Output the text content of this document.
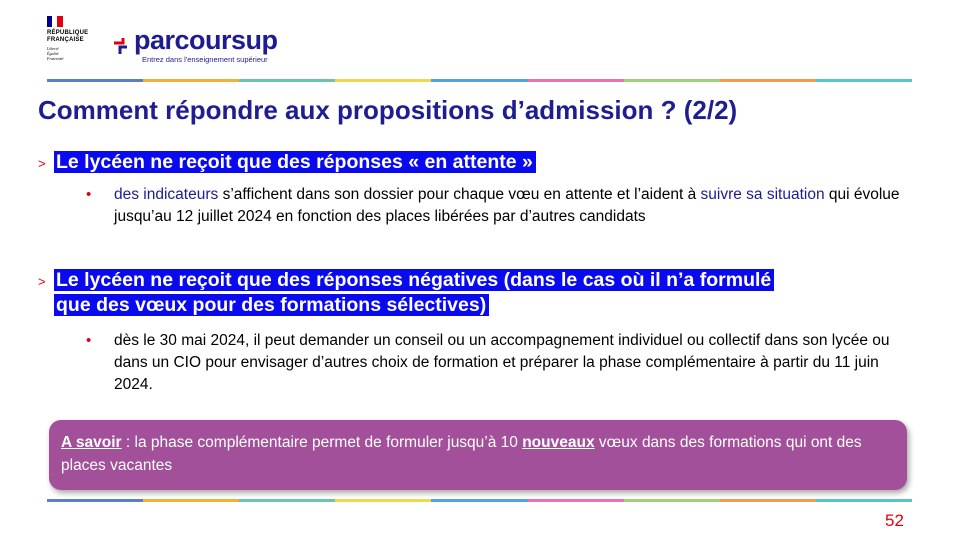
RÉPUBLIQUE
FRANÇAISE
Liberté
Égalité
Fraternité
parcoursup
Entrez dans l'enseignement supérieur
Comment répondre aux propositions d’admission ? (2/2)
> Le lycéen ne reçoit que des réponses « en attente »
• des indicateurs s’affichent dans son dossier pour chaque vœu en attente et l’aident à suivre sa situation qui évolue jusqu’au 12 juillet 2024 en fonction des places libérées par d’autres candidats
> Le lycéen ne reçoit que des réponses négatives (dans le cas où il n’a formulé
que des vœux pour des formations sélectives)
• dès le 30 mai 2024, il peut demander un conseil ou un accompagnement individuel ou collectif dans son lycée ou dans un CIO pour envisager d’autres choix de formation et préparer la phase complémentaire à partir du 11 juin 2024.
A savoir : la phase complémentaire permet de formuler jusqu’à 10 nouveaux vœux dans des formations qui ont des places vacantes
52
